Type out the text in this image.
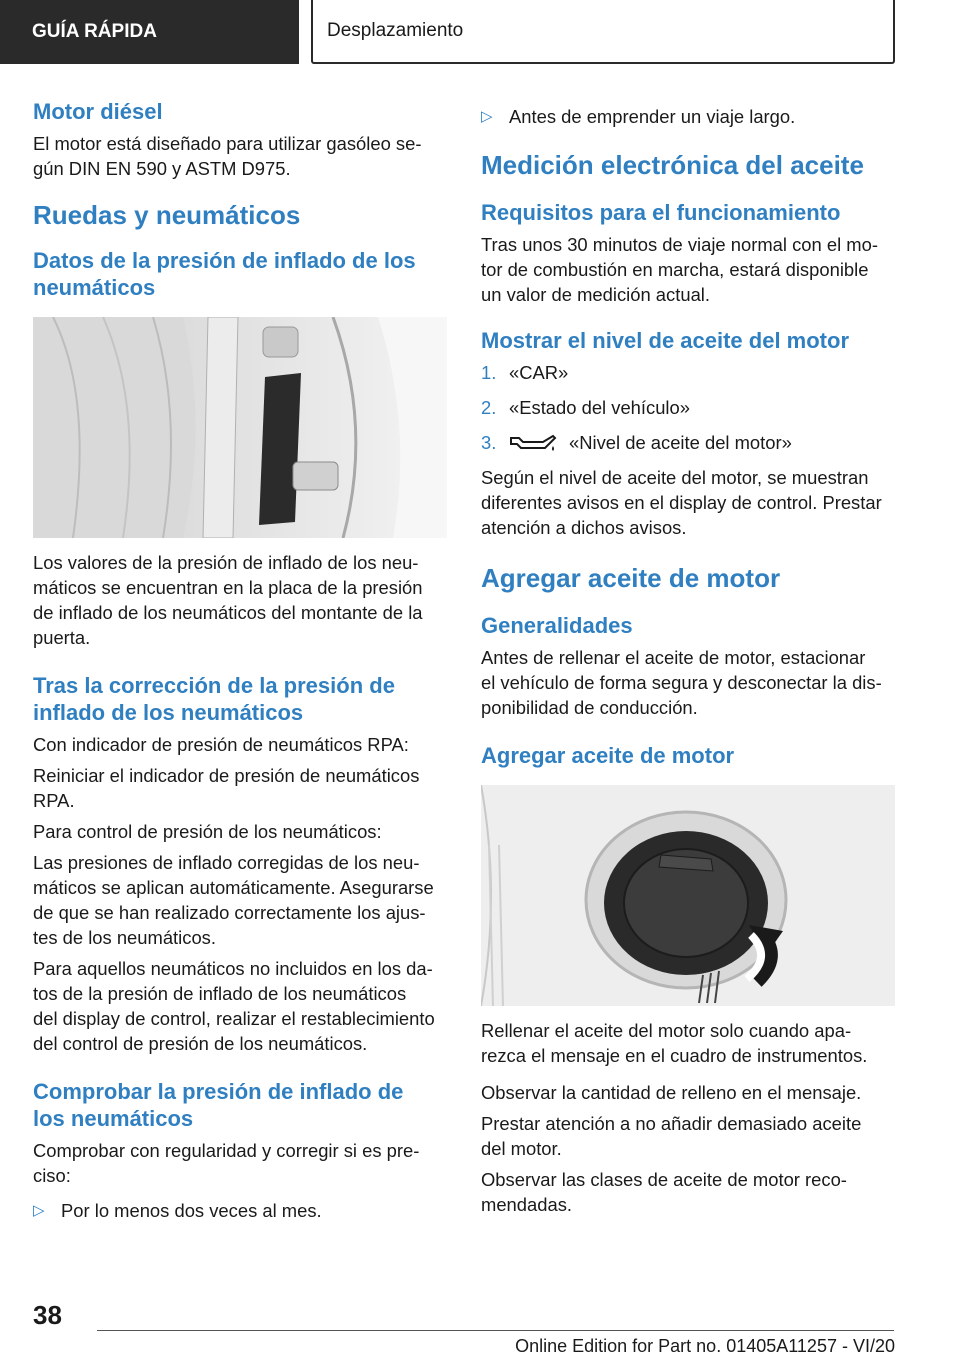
GUÍA RÁPIDA	Desplazamiento
Motor diésel

El motor está diseñado para utilizar gasóleo se-
gún DIN EN 590 y ASTM D975.

Ruedas y neumáticos
Datos de la presión de inflado de los
neumáticos

Los valores de la presión de inflado de los neu-
máticos se encuentran en la placa de la presión
de inflado de los neumáticos del montante de la
puerta.

Tras la corrección de la presión de
inflado de los neumáticos

Con indicador de presión de neumáticos RPA:

Reiniciar el indicador de presión de neumáticos
RPA.

Para control de presión de los neumáticos:

Las presiones de inflado corregidas de los neu-
máticos se aplican automáticamente. Asegurarse
de que se han realizado correctamente los ajus-
tes de los neumáticos.

Para aquellos neumáticos no incluidos en los da-
tos de la presión de inflado de los neumáticos
del display de control, realizar el restablecimiento
del control de presión de los neumáticos.

Comprobar la presión de inflado de
los neumáticos

Comprobar con regularidad y corregir si es pre-
ciso:

▷ Por lo menos dos veces al mes.
▷ Antes de emprender un viaje largo.
Medición electrónica del aceite
Requisitos para el funcionamiento

Tras unos 30 minutos de viaje normal con el mo-
tor de combustión en marcha, estará disponible
un valor de medición actual.

Mostrar el nivel de aceite del motor
1. «CAR»
2. «Estado del vehículo»
3.	«Nivel de aceite del motor»

Según el nivel de aceite del motor, se muestran
diferentes avisos en el display de control. Prestar
atención a dichos avisos.

Agregar aceite de motor
Generalidades

Antes de rellenar el aceite de motor, estacionar
el vehículo de forma segura y desconectar la dis-
ponibilidad de conducción.

Agregar aceite de motor

Rellenar el aceite del motor solo cuando apa-
rezca el mensaje en el cuadro de instrumentos.

Observar la cantidad de relleno en el mensaje.

Prestar atención a no añadir demasiado aceite
del motor.

Observar las clases de aceite de motor reco-
mendadas.

38
Online Edition for Part no. 01405A11257 - VI/20
